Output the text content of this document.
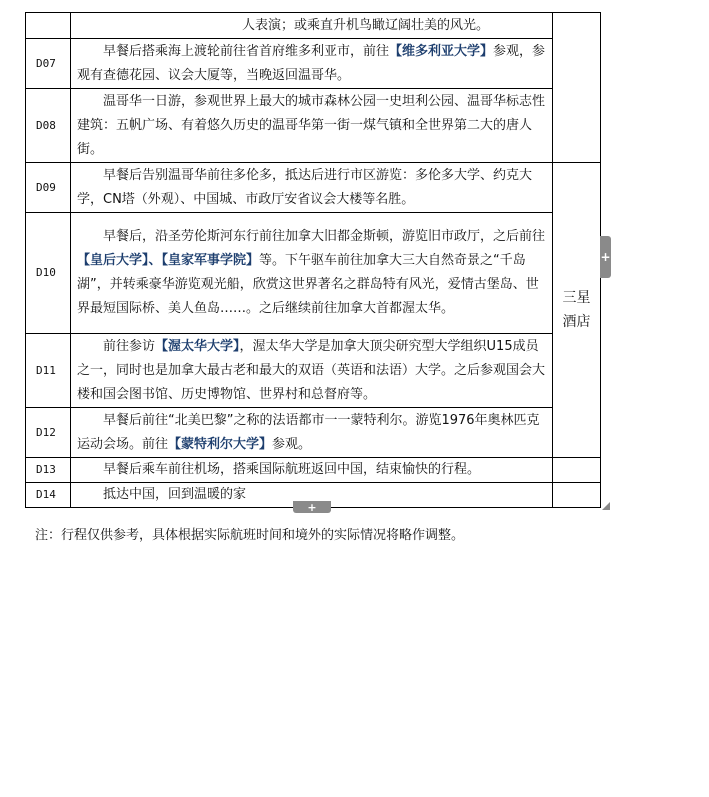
	人表演；或乘直升机鸟瞰辽阔壮美的风光。	
D07	早餐后搭乘海上渡轮前往省首府维多利亚市，前往【维多利亚大学】参观，参观有查德花园、议会大厦等，当晚返回温哥华。	
D08	温哥华一日游，参观世界上最大的城市森林公园一史坦利公园、温哥华标志性建筑：五帆广场、有着悠久历史的温哥华第一街一煤气镇和全世界第二大的唐人街。	
D09	早餐后告别温哥华前往多伦多，抵达后进行市区游览：多伦多大学、约克大学，CN塔（外观）、中国城、市政厅安省议会大楼等名胜。	三星酒店

D10	早餐后，沿圣劳伦斯河东行前往加拿大旧都金斯顿，游览旧市政厅，之后前往【皇后大学】、【皇家军事学院】等。下午驱车前往加拿大三大自然奇景之“千岛湖”，并转乘豪华游览观光船，欣赏这世界著名之群岛特有风光，爱情古堡岛、世界最短国际桥、美人鱼岛……。之后继续前往加拿大首都渥太华。	
D11	前往参访【渥太华大学】，渥太华大学是加拿大顶尖研究型大学组织U15成员之一，同时也是加拿大最古老和最大的双语（英语和法语）大学。之后参观国会大楼和国会图书馆、历史博物馆、世界村和总督府等。	
D12	早餐后前往“北美巴黎”之称的法语都市一一蒙特利尔。游览1976年奥林匹克运动会场。前往【蒙特利尔大学】参观。	
D13	早餐后乘车前往机场，搭乘国际航班返回中国，结束愉快的行程。	
D14	抵达中国，回到温暖的家	
+
+
注：行程仅供参考，具体根据实际航班时间和境外的实际情况将略作调整。
